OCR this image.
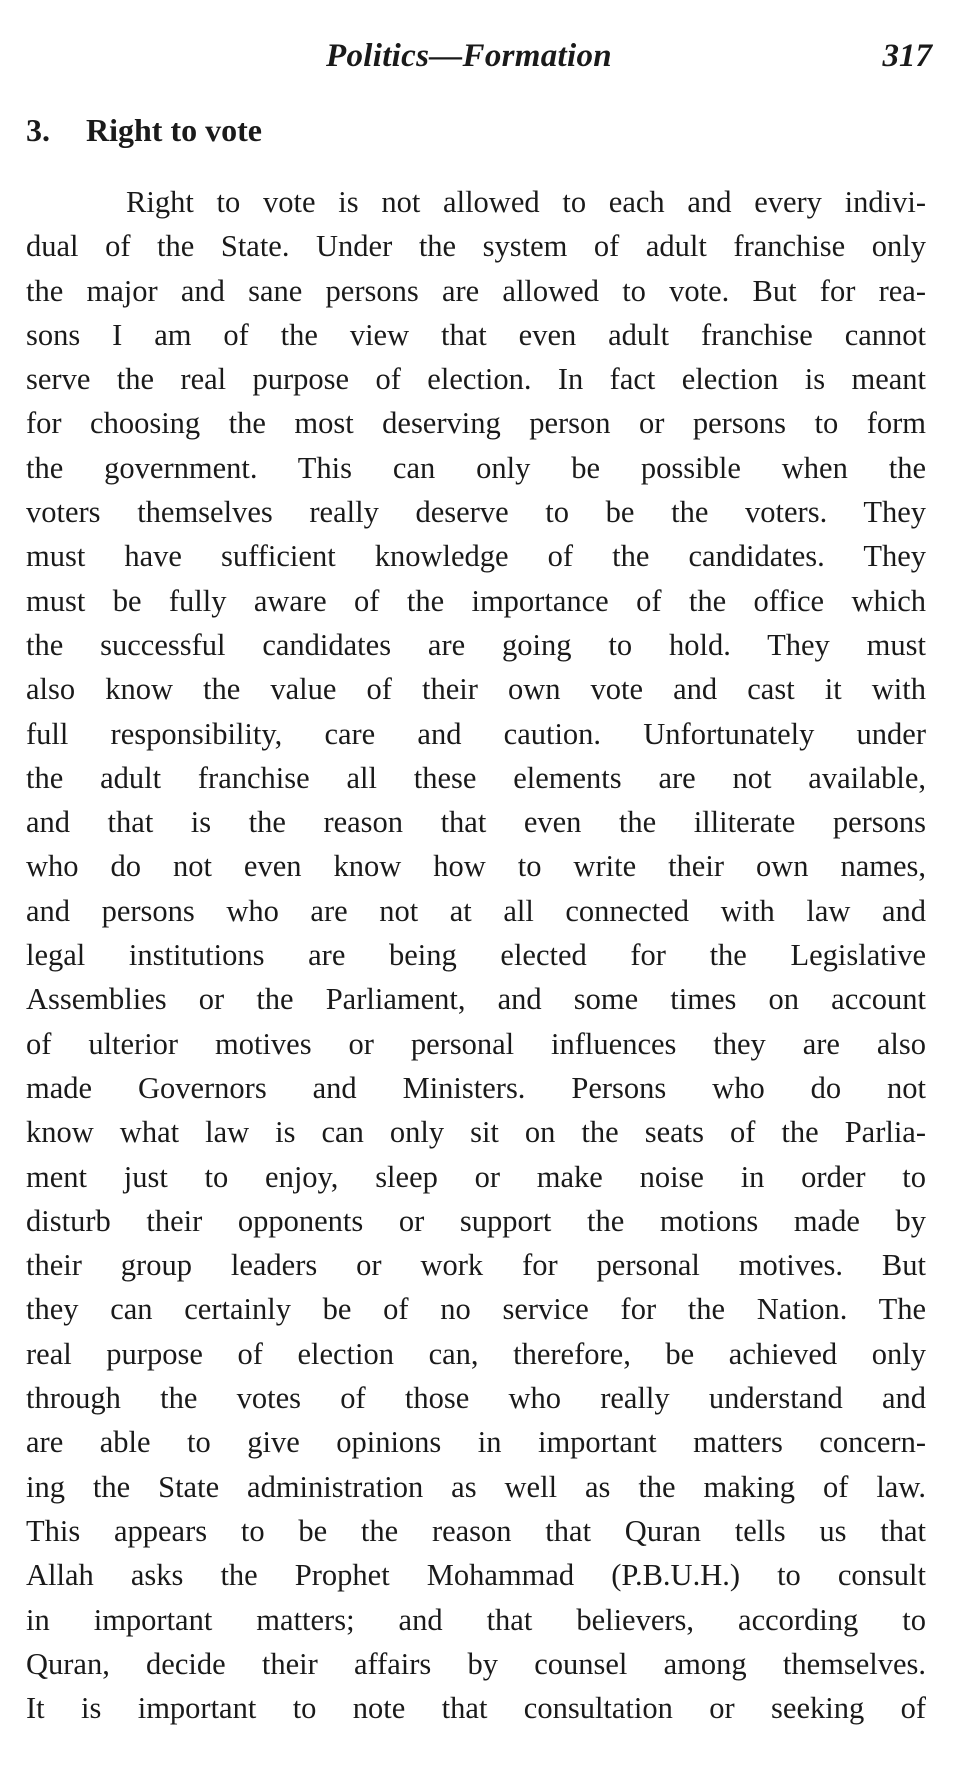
Politics—Formation	317
3. Right to vote
Right to vote is not allowed to each and every indivi-
dual of the State. Under the system of adult franchise only
the major and sane persons are allowed to vote. But for rea-
sons I am of the view that even adult franchise cannot
serve the real purpose of election. In fact election is meant
for choosing the most deserving person or persons to form
the government. This can only be possible when the
voters themselves really deserve to be the voters. They
must have sufficient knowledge of the candidates. They
must be fully aware of the importance of the office which
the successful candidates are going to hold. They must
also know the value of their own vote and cast it with
full responsibility, care and caution. Unfortunately under
the adult franchise all these elements are not available,
and that is the reason that even the illiterate persons
who do not even know how to write their own names,
and persons who are not at all connected with law and
legal institutions are being elected for the Legislative
Assemblies or the Parliament, and some times on account
of ulterior motives or personal influences they are also
made Governors and Ministers. Persons who do not
know what law is can only sit on the seats of the Parlia-
ment just to enjoy, sleep or make noise in order to
disturb their opponents or support the motions made by
their group leaders or work for personal motives. But
they can certainly be of no service for the Nation. The
real purpose of election can, therefore, be achieved only
through the votes of those who really understand and
are able to give opinions in important matters concern-
ing the State administration as well as the making of law.
This appears to be the reason that Quran tells us that
Allah asks the Prophet Mohammad (P.B.U.H.) to consult
in important matters; and that believers, according to
Quran, decide their affairs by counsel among themselves.
It is important to note that consultation or seeking of
